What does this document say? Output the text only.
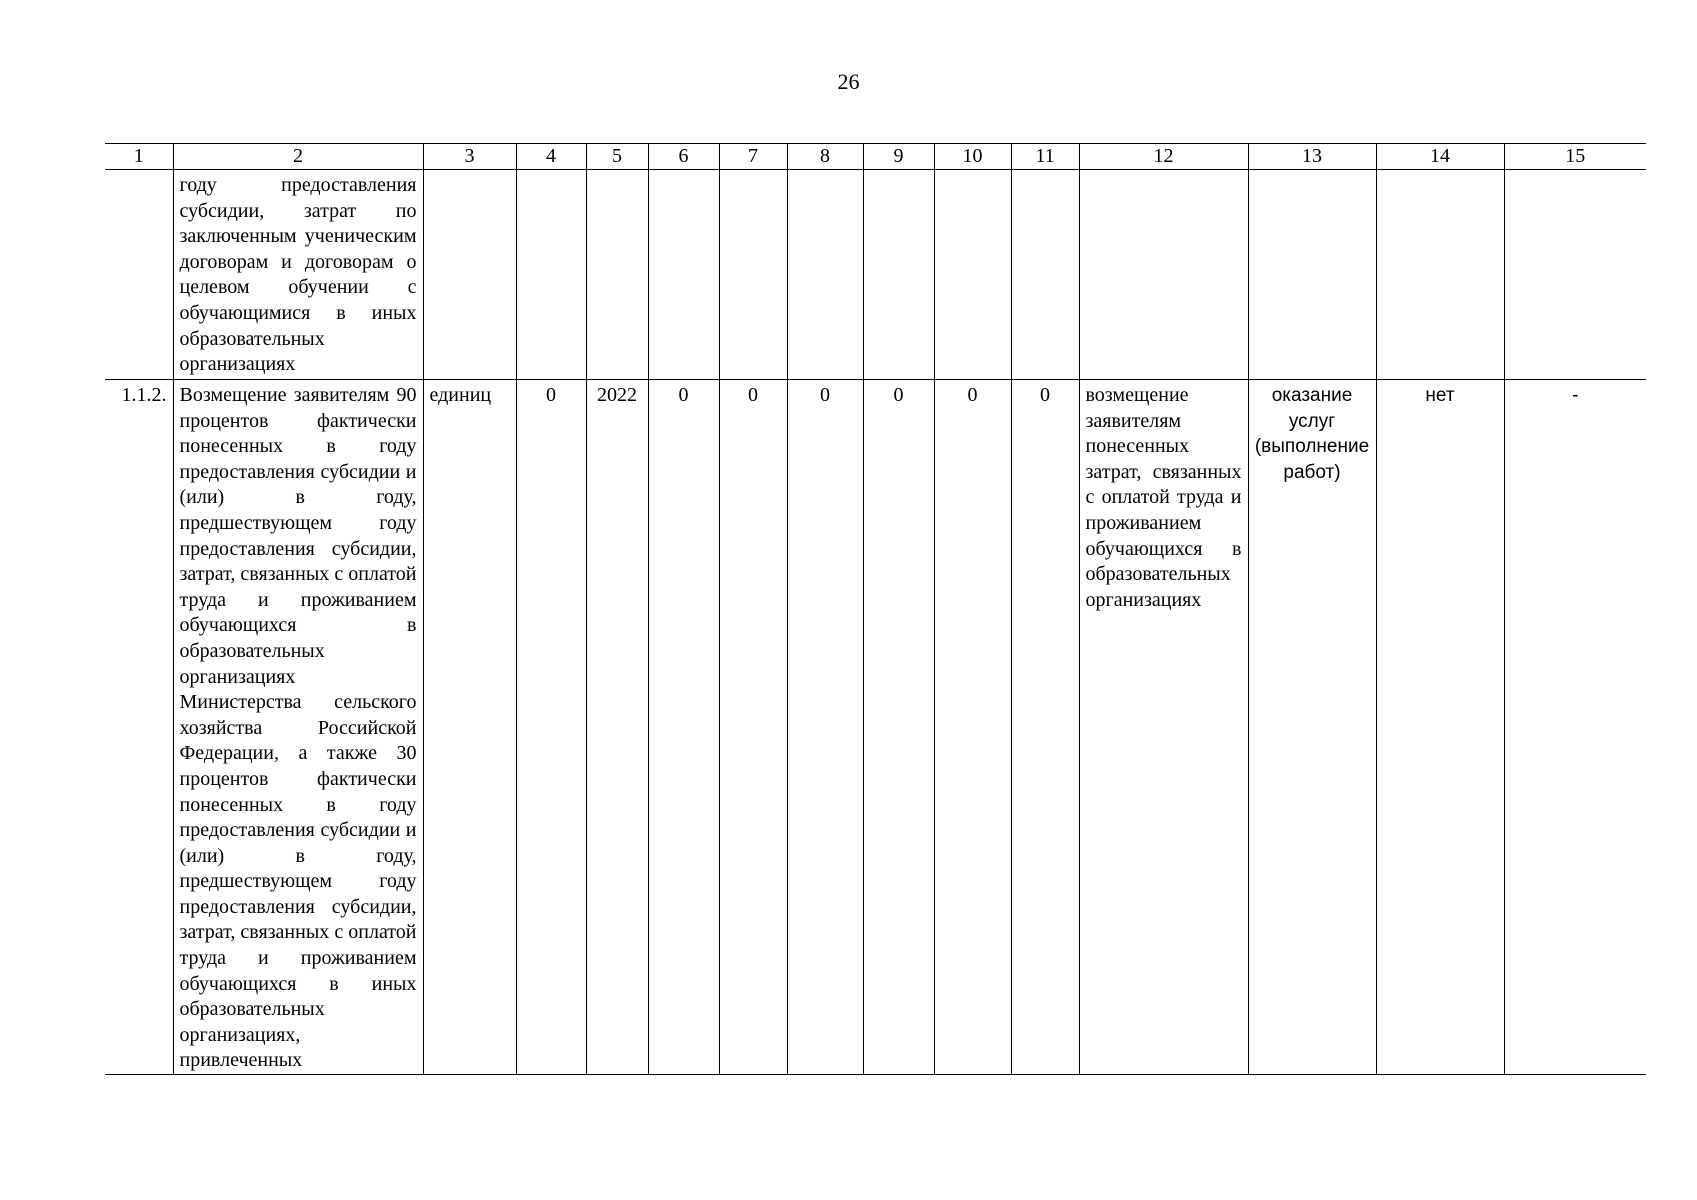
26
1	2	3	4	5	6	7	8	9	10	11	12	13	14	15
	году предоставления субсидии, затрат по заключенным ученическим договорам и договорам о целевом обучении с обучающимися в иных образовательных организациях													
1.1.2.	Возмещение заявителям 90 процентов фактически понесенных в году предоставления субсидии и (или) в году, предшествующем году предоставления субсидии, затрат, связанных с оплатой труда и проживанием обучающихся в образовательных организациях Министерства сельского хозяйства Российской Федерации, а также 30 процентов фактически понесенных в году предоставления субсидии и (или) в году, предшествующем году предоставления субсидии, затрат, связанных с оплатой труда и проживанием обучающихся в иных образовательных организациях, привлеченных	единиц	0	2022	0	0	0	0	0	0	возмещение заявителям понесенных затрат, связанных с оплатой труда и проживанием обучающихся в образовательных организациях	оказание услуг (выполнение работ)	нет	-
